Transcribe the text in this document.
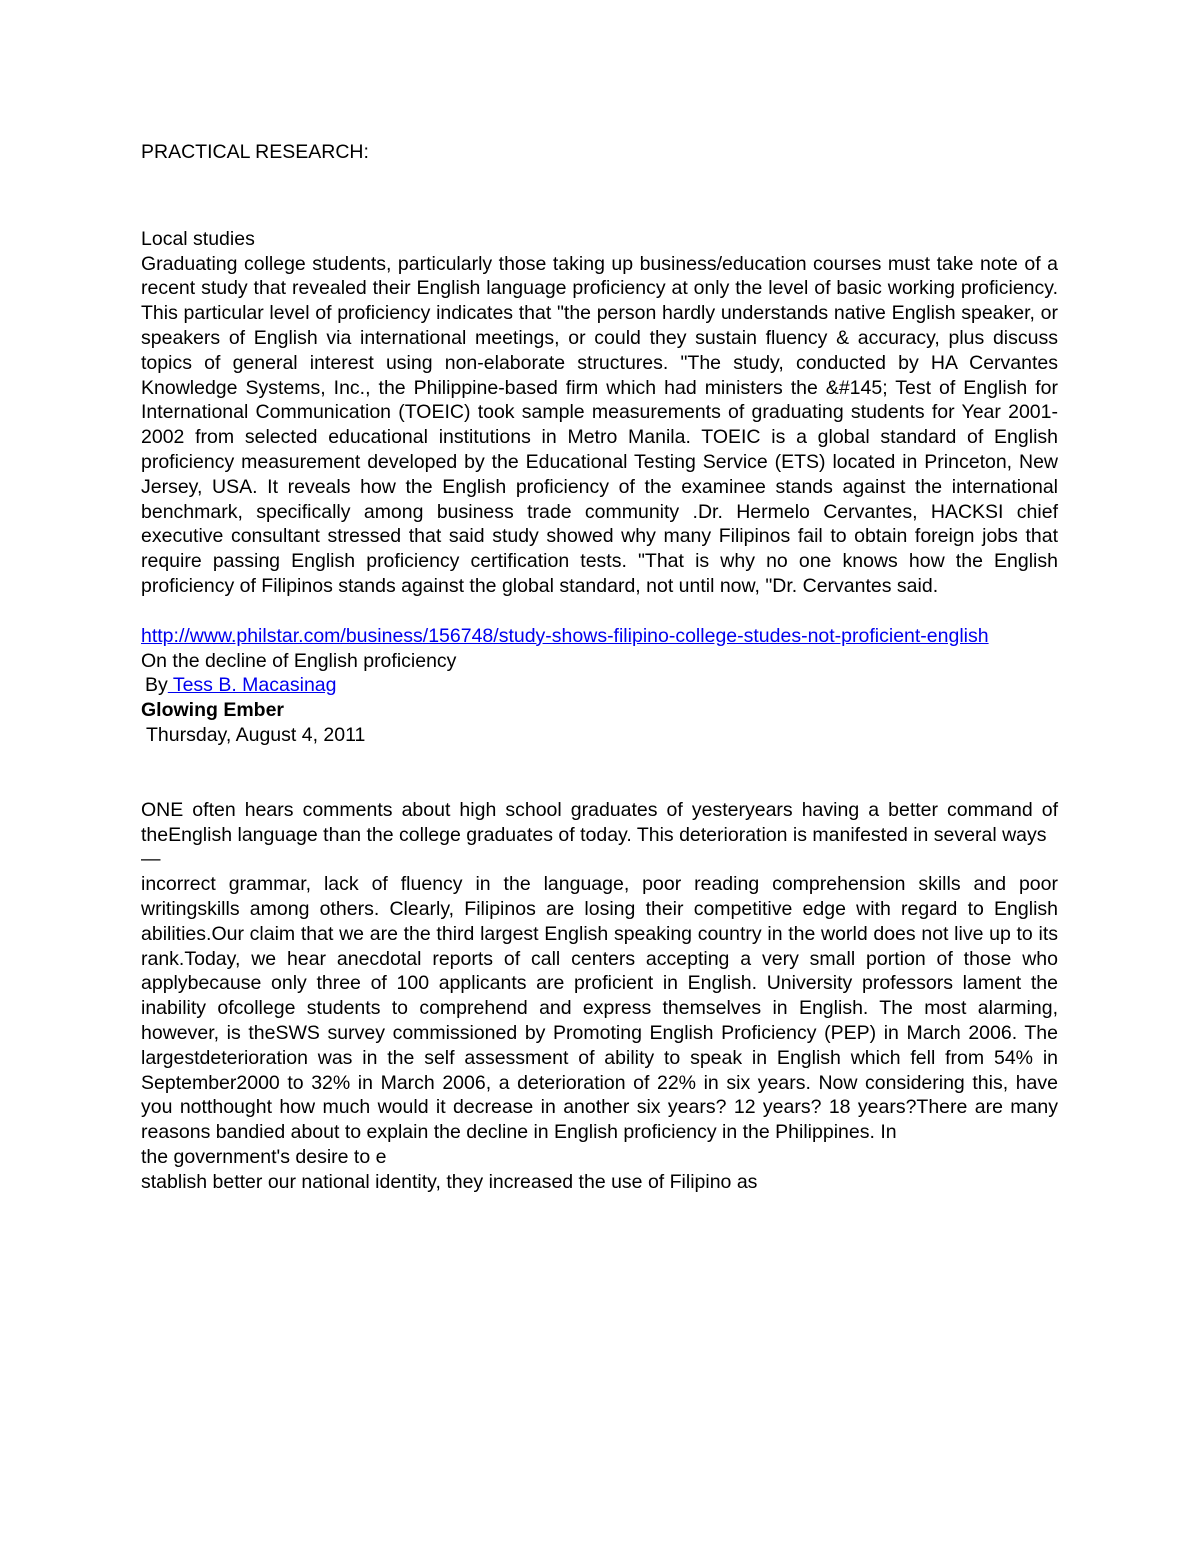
PRACTICAL RESEARCH:

Local studies

Graduating college students, particularly those taking up business/education courses must take note of a recent study that revealed their English language proficiency at only the level of basic working proficiency. This particular level of proficiency indicates that "the person hardly understands native English speaker, or speakers of English via international meetings, or could they sustain fluency & accuracy, plus discuss topics of general interest using non-elaborate structures. "The study, conducted by HA Cervantes Knowledge Systems, Inc., the Philippine-based firm which had ministers the &#145; Test of English for International Communication (TOEIC) took sample measurements of graduating students for Year 2001-2002 from selected educational institutions in Metro Manila. TOEIC is a global standard of English proficiency measurement developed by the Educational Testing Service (ETS) located in Princeton, New Jersey, USA. It reveals how the English proficiency of the examinee stands against the international benchmark, specifically among business trade community .Dr. Hermelo Cervantes, HACKSI chief executive consultant stressed that said study showed why many Filipinos fail to obtain foreign jobs that require passing English proficiency certification tests. "That is why no one knows how the English proficiency of Filipinos stands against the global standard, not until now, "Dr. Cervantes said.

http://www.philstar.com/business/156748/study-shows-filipino-college-studes-not-proficient-english

On the decline of English proficiency

By Tess B. Macasinag

Glowing Ember

Thursday, August 4, 2011

ONE often hears comments about high school graduates of yesteryears having a better command of theEnglish language than the college graduates of today. This deterioration is manifested in several ways

—

incorrect grammar, lack of fluency in the language, poor reading comprehension skills and poor writingskills among others. Clearly, Filipinos are losing their competitive edge with regard to English abilities.Our claim that we are the third largest English speaking country in the world does not live up to its rank.Today, we hear anecdotal reports of call centers accepting a very small portion of those who applybecause only three of 100 applicants are proficient in English. University professors lament the inability ofcollege students to comprehend and express themselves in English. The most alarming, however, is theSWS survey commissioned by Promoting English Proficiency (PEP) in March 2006. The largestdeterioration was in the self assessment of ability to speak in English which fell from 54% in September2000 to 32% in March 2006, a deterioration of 22% in six years. Now considering this, have you notthought how much would it decrease in another six years? 12 years? 18 years?There are many reasons bandied about to explain the decline in English proficiency in the Philippines. In

the government's desire to e

stablish better our national identity, they increased the use of Filipino as
